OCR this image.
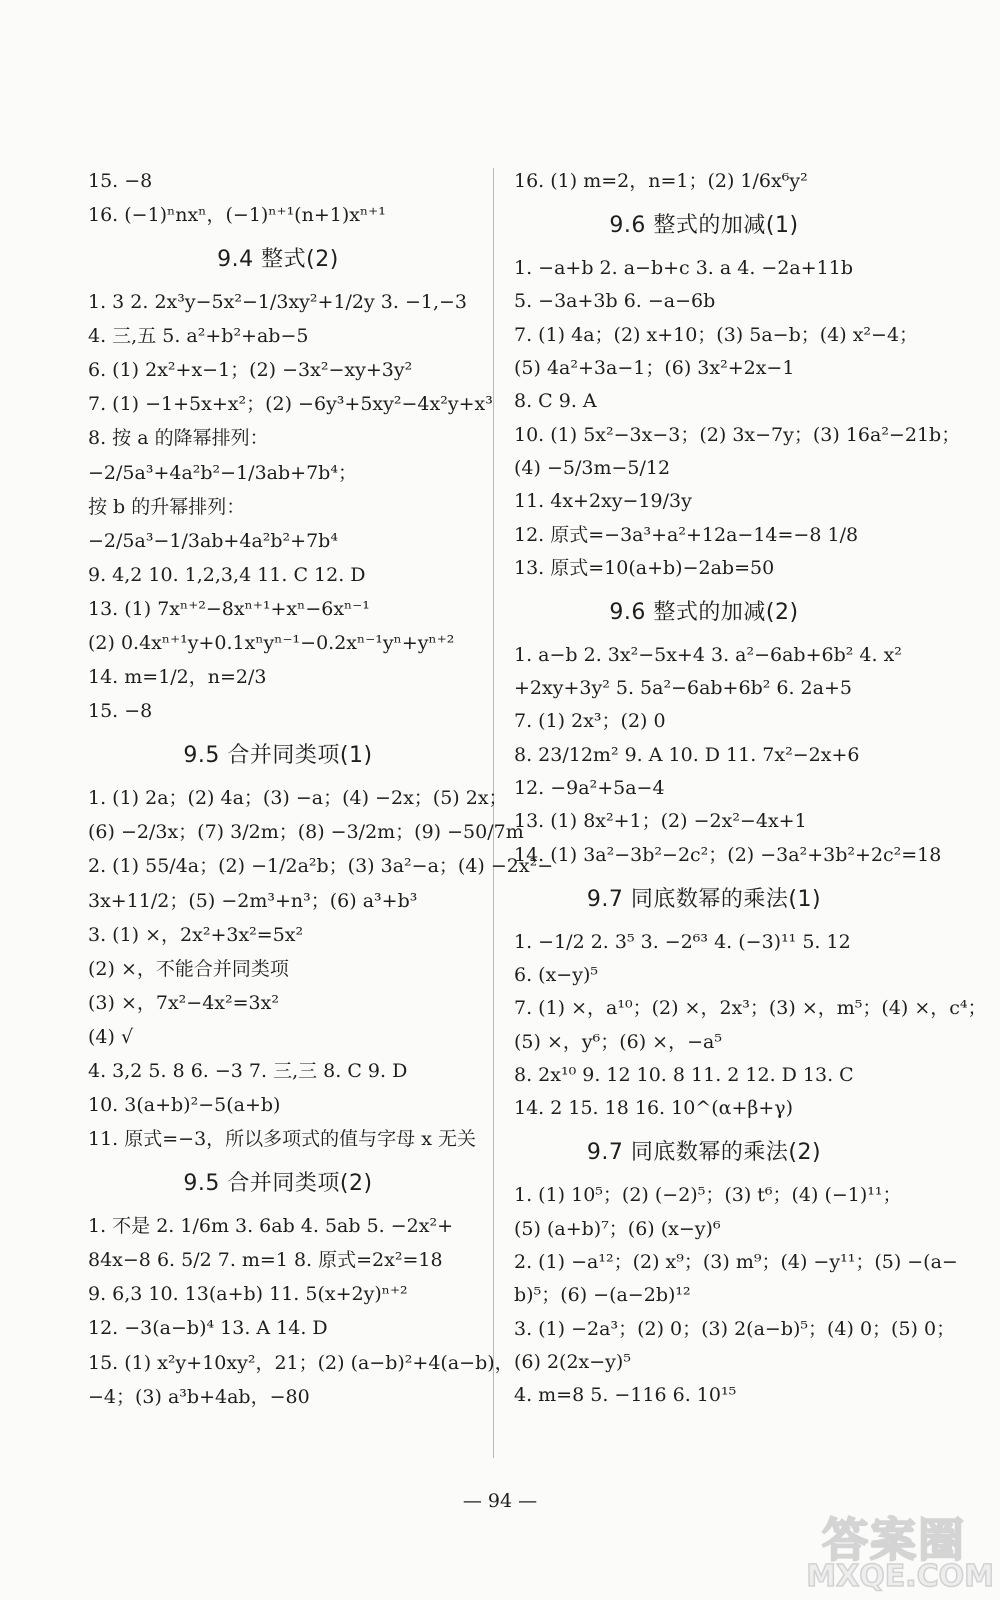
15. −8
16. (−1)ⁿnxⁿ，(−1)ⁿ⁺¹(n+1)xⁿ⁺¹
9.4 整式(2)
1. 3 2. 2x³y−5x²−1/3xy²+1/2y 3. −1,−3
4. 三,五 5. a²+b²+ab−5
6. (1) 2x²+x−1；(2) −3x²−xy+3y²
7. (1) −1+5x+x²；(2) −6y³+5xy²−4x²y+x³
8. 按 a 的降幂排列：
−2/5a³+4a²b²−1/3ab+7b⁴；
按 b 的升幂排列：
−2/5a³−1/3ab+4a²b²+7b⁴
9. 4,2 10. 1,2,3,4 11. C 12. D
13. (1) 7xⁿ⁺²−8xⁿ⁺¹+xⁿ−6xⁿ⁻¹
(2) 0.4xⁿ⁺¹y+0.1xⁿyⁿ⁻¹−0.2xⁿ⁻¹yⁿ+yⁿ⁺²
14. m=1/2，n=2/3
15. −8
9.5 合并同类项(1)
1. (1) 2a；(2) 4a；(3) −a；(4) −2x；(5) 2x；
(6) −2/3x；(7) 3/2m；(8) −3/2m；(9) −50/7m
2. (1) 55/4a；(2) −1/2a²b；(3) 3a²−a；(4) −2x²−
3x+11/2；(5) −2m³+n³；(6) a³+b³
3. (1) ×，2x²+3x²=5x²
(2) ×，不能合并同类项
(3) ×，7x²−4x²=3x²
(4) √
4. 3,2 5. 8 6. −3 7. 三,三 8. C 9. D
10. 3(a+b)²−5(a+b)
11. 原式=−3，所以多项式的值与字母 x 无关
9.5 合并同类项(2)
1. 不是 2. 1/6m 3. 6ab 4. 5ab 5. −2x²+
84x−8 6. 5/2 7. m=1 8. 原式=2x²=18
9. 6,3 10. 13(a+b) 11. 5(x+2y)ⁿ⁺²
12. −3(a−b)⁴ 13. A 14. D
15. (1) x²y+10xy²，21；(2) (a−b)²+4(a−b)，
−4；(3) a³b+4ab，−80
16. (1) m=2，n=1；(2) 1/6x⁶y²
9.6 整式的加减(1)
1. −a+b 2. a−b+c 3. a 4. −2a+11b
5. −3a+3b 6. −a−6b
7. (1) 4a；(2) x+10；(3) 5a−b；(4) x²−4；
(5) 4a²+3a−1；(6) 3x²+2x−1
8. C 9. A
10. (1) 5x²−3x−3；(2) 3x−7y；(3) 16a²−21b；
(4) −5/3m−5/12
11. 4x+2xy−19/3y
12. 原式=−3a³+a²+12a−14=−8 1/8
13. 原式=10(a+b)−2ab=50
9.6 整式的加减(2)
1. a−b 2. 3x²−5x+4 3. a²−6ab+6b² 4. x²
+2xy+3y² 5. 5a²−6ab+6b² 6. 2a+5
7. (1) 2x³；(2) 0
8. 23/12m² 9. A 10. D 11. 7x²−2x+6
12. −9a²+5a−4
13. (1) 8x²+1；(2) −2x²−4x+1
14. (1) 3a²−3b²−2c²；(2) −3a²+3b²+2c²=18
9.7 同底数幂的乘法(1)
1. −1/2 2. 3⁵ 3. −2⁶³ 4. (−3)¹¹ 5. 12
6. (x−y)⁵
7. (1) ×，a¹⁰；(2) ×，2x³；(3) ×，m⁵；(4) ×，c⁴；
(5) ×，y⁶；(6) ×，−a⁵
8. 2x¹⁰ 9. 12 10. 8 11. 2 12. D 13. C
14. 2 15. 18 16. 10^(α+β+γ)
9.7 同底数幂的乘法(2)
1. (1) 10⁵；(2) (−2)⁵；(3) t⁶；(4) (−1)¹¹；
(5) (a+b)⁷；(6) (x−y)⁶
2. (1) −a¹²；(2) x⁹；(3) m⁹；(4) −y¹¹；(5) −(a−
b)⁵；(6) −(a−2b)¹²
3. (1) −2a³；(2) 0；(3) 2(a−b)⁵；(4) 0；(5) 0；
(6) 2(2x−y)⁵
4. m=8 5. −116 6. 10¹⁵
— 94 —
答案圈
MXQE.COM
